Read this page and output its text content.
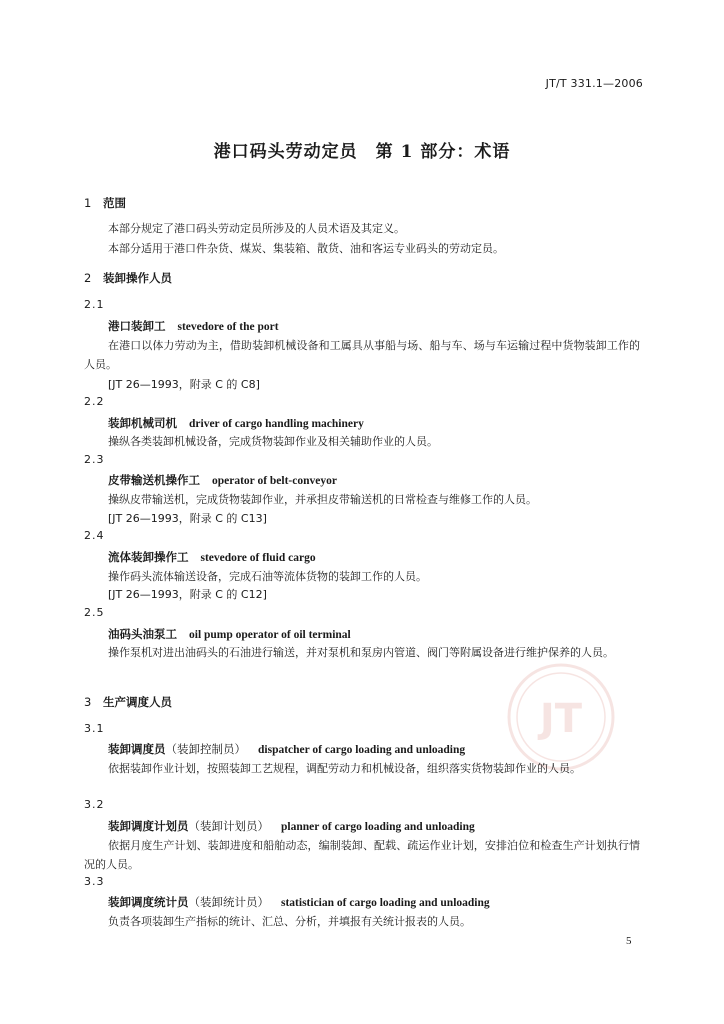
JT/T 331.1—2006
港口码头劳动定员　第 1 部分：术语
JT
1 范围
本部分规定了港口码头劳动定员所涉及的人员术语及其定义。
本部分适用于港口件杂货、煤炭、集装箱、散货、油和客运专业码头的劳动定员。
2 装卸操作人员
2.1
港口装卸工 stevedore of the port
在港口以体力劳动为主，借助装卸机械设备和工属具从事船与场、船与车、场与车运输过程中货物装卸工作的人员。
[JT 26—1993，附录 C 的 C8]
2.2
装卸机械司机 driver of cargo handling machinery
操纵各类装卸机械设备，完成货物装卸作业及相关辅助作业的人员。
2.3
皮带输送机操作工 operator of belt-conveyor
操纵皮带输送机，完成货物装卸作业，并承担皮带输送机的日常检查与维修工作的人员。
[JT 26—1993，附录 C 的 C13]
2.4
流体装卸操作工 stevedore of fluid cargo
操作码头流体输送设备，完成石油等流体货物的装卸工作的人员。
[JT 26—1993，附录 C 的 C12]
2.5
油码头油泵工 oil pump operator of oil terminal
操作泵机对进出油码头的石油进行输送，并对泵机和泵房内管道、阀门等附属设备进行维护保养的人员。
3 生产调度人员
3.1
装卸调度员（装卸控制员） dispatcher of cargo loading and unloading
依据装卸作业计划，按照装卸工艺规程，调配劳动力和机械设备，组织落实货物装卸作业的人员。
3.2
装卸调度计划员（装卸计划员） planner of cargo loading and unloading
依据月度生产计划、装卸进度和船舶动态，编制装卸、配载、疏运作业计划，安排泊位和检查生产计划执行情况的人员。
3.3
装卸调度统计员（装卸统计员） statistician of cargo loading and unloading
负责各项装卸生产指标的统计、汇总、分析，并填报有关统计报表的人员。
5
